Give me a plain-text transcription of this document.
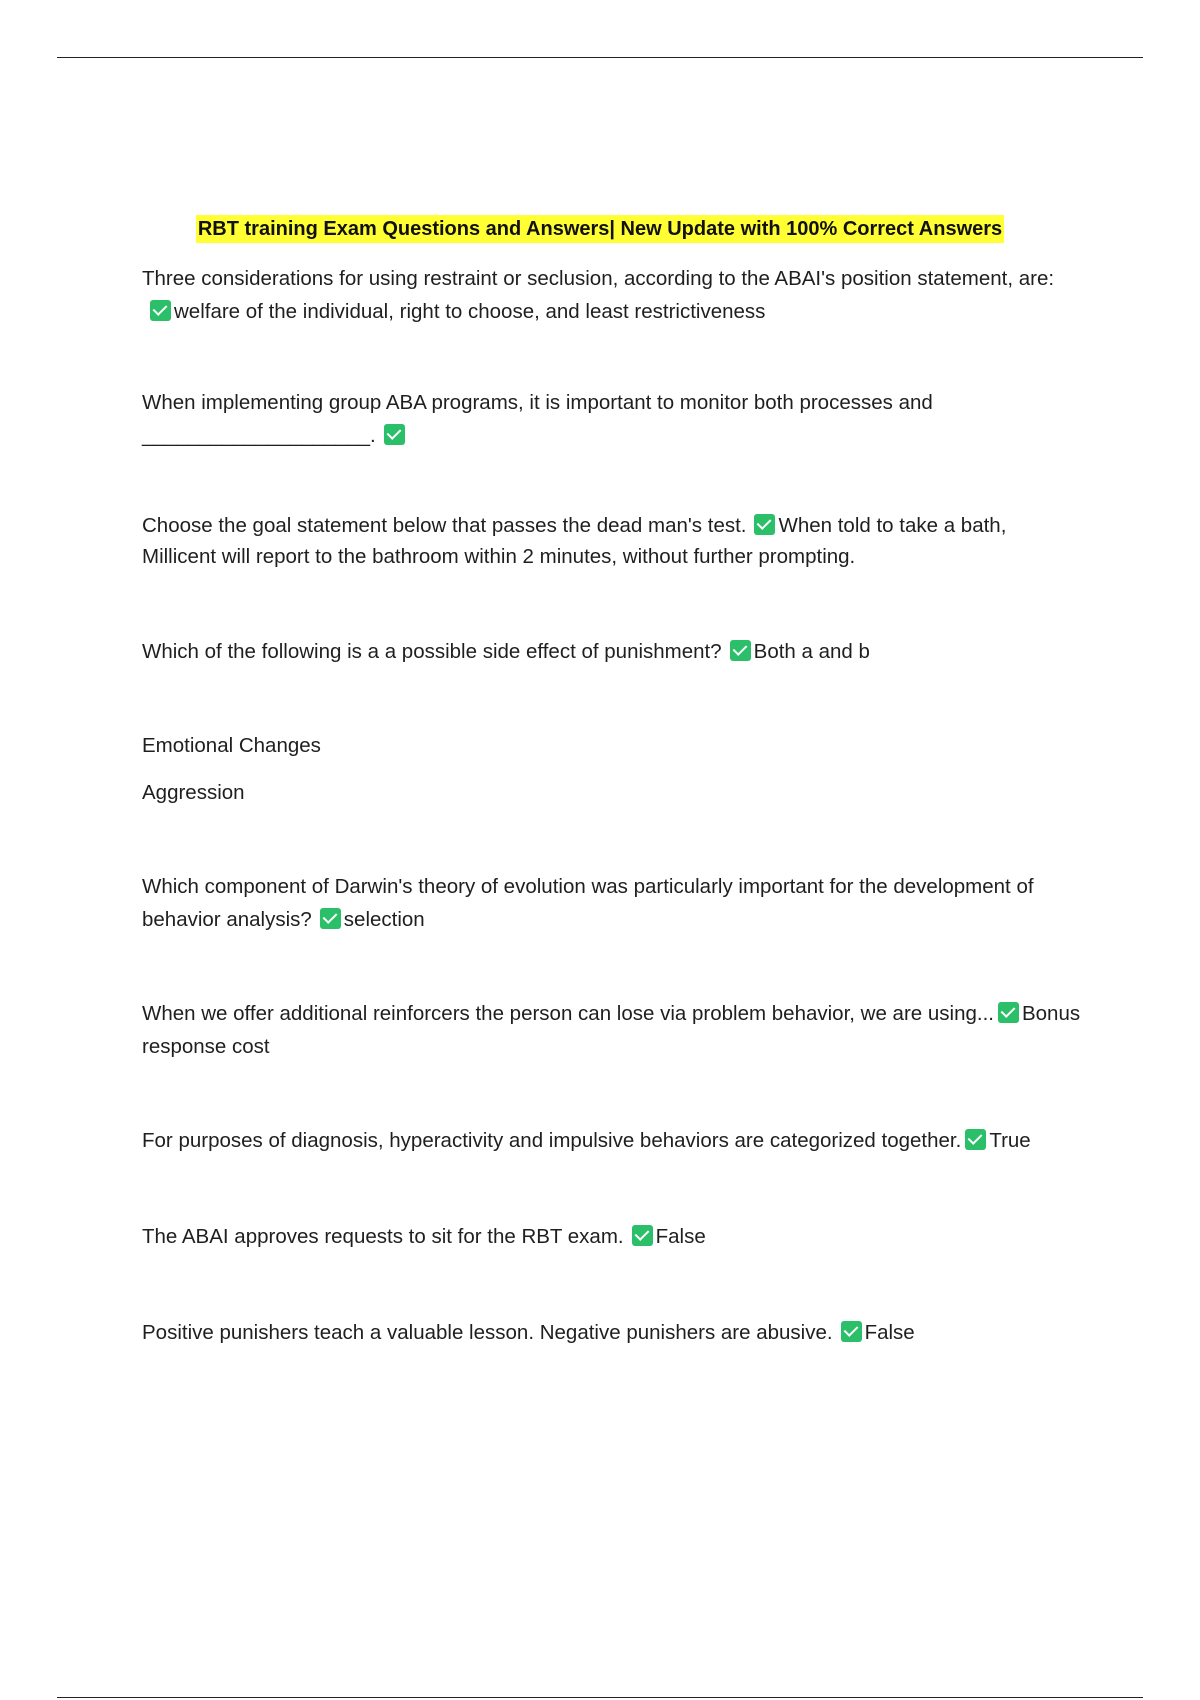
RBT training Exam Questions and Answers| New Update with 100% Correct Answers

Three considerations for using restraint or seclusion, according to the ABAI's position statement, are:welfare of the individual, right to choose, and least restrictiveness

When implementing group ABA programs, it is important to monitor both processes and ____________________.

Choose the goal statement below that passes the dead man's test. When told to take a bath, Millicent will report to the bathroom within 2 minutes, without further prompting.

Which of the following is a a possible side effect of punishment? Both a and b

Emotional Changes

Aggression

Which component of Darwin's theory of evolution was particularly important for the development of behavior analysis? selection

When we offer additional reinforcers the person can lose via problem behavior, we are using... Bonus response cost

For purposes of diagnosis, hyperactivity and impulsive behaviors are categorized together. True

The ABAI approves requests to sit for the RBT exam. False

Positive punishers teach a valuable lesson. Negative punishers are abusive. False
